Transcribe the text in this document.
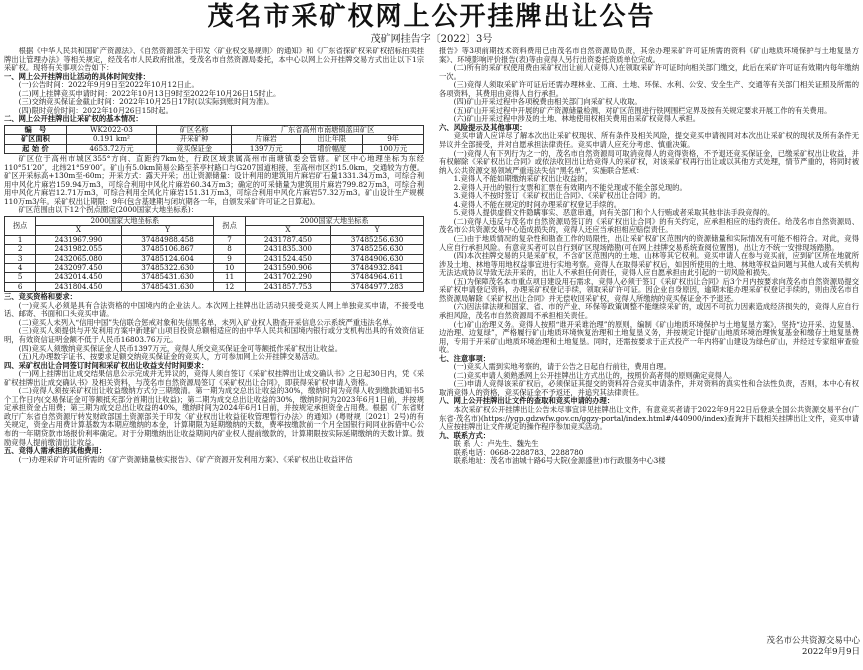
茂名市采矿权网上公开挂牌出让公告
茂矿网挂告字〔2022〕3号

根据《中华人民共和国矿产资源法》、《自然资源部关于印发〈矿业权交易规则〉的通知》和《广东省探矿权采矿权招标拍卖挂牌出让管理办法》等相关规定，经茂名市人民政府批准，受茂名市自然资源局委托，本中心以网上公开挂牌交易方式出让以下1宗采矿权。现将有关事项公告如下：

一、网上公开挂牌出让活动的具体时间安排：

(一)公告时间：2022年9月9日至2022年10月12日止。

(二)网上挂牌竞买申请时间：2022年10月13日9时至2022年10月26日15时止。

(三)交纳竞买保证金截止时间：2022年10月25日17时(以实际到账时间为准)。

(四)限时竞价时间：2022年10月26日15时起。

二、网上公开挂牌出让采矿权的基本情况：

编　号	WK2022-03	矿区名称	广东省高州市南塘镇蓝田矿区		
矿区面积	0.191 km²	开采矿种	片麻岩	出让年限	9年
起 始 价	4653.72万元	竞买保证金	1397万元	增价幅度	100万元

矿区位于高州市城区355°方向、直距约7km处，行政区域隶属高州市南塘镇委会管辖。矿区中心地理坐标为东经110°51′20″，北纬21°59′00″。矿山有5.0km简易公路至茶亭村路口与G207国道相接，至高州市区约15.0km，交通较为方便。矿区开采标高+130m至-60m；开采方式：露天开采；出让资源储量：设计利用的建筑用片麻岩矿石量1331.34万m3，可综合利用中风化片麻岩159.94万m3，可综合利用中风化片麻岩60.34万m3；确定的可采储量为建筑用片麻岩799.82万m3，可综合利用中风化片麻岩12.71万m3，可综合利用全风化片麻岩151.31万m3，可综合利用中风化片麻岩57.32万m3。矿山设计生产规模110万m3/年。采矿权出让期限：9年(包含基建期与闭坑期各一年，自颁发采矿许可证之日算起)。

矿区范围由以下12个拐点圈定(2000国家大地坐标系)：

拐点	2000国家大地坐标系		拐点	2000国家大地坐标系	
	X	Y		X	Y
1	2431967.990	37484988.458	7	2431787.450	37485256.630
2	2431982.055	37485106.867	8	2431835.300	37485256.630
3	2432065.080	37485124.604	9	2431524.450	37484906.630
4	2432097.450	37485322.630	10	2431590.906	37484932.841
5	2432014.450	37485431.630	11	2431702.290	37484964.611
6	2431804.450	37485431.630	12	2431857.753	37484977.283

三、竞买资格和要求：

(一)竞买人必须是具有合法资格的中国境内的企业法人。本次网上挂牌出让活动只接受竞买人网上单独竞买申请，不接受电话、邮寄、书面和口头竞买申请。

(二)竞买人未列入“信用中国”失信联合惩戒对象和失信黑名单，未列入矿业权人勘查开采信息公示系统严重违法名单。

(三)竞买人须提供与开发利用方案中新建矿山项目投资总额相适应的由中华人民共和国境内银行或分支机构出具的有效资信证明，有效资信证明金额不低于人民币16803.76万元。

(四)竞买人须缴纳竞买保证金人民币1397万元，竞得人所交竞买保证金可等额抵作采矿权出让收益。

(五)凡办理数字证书、按要求足额交纳竞买保证金的竞买人，方可参加网上公开挂牌交易活动。

四、采矿权出让合同签订时间和采矿权出让收益支付时间要求：

(一)网上挂牌出让成交结果信息公示完成并无异议的，竞得人须自签订《采矿权挂牌出让成交确认书》之日起30日内，凭《采矿权挂牌出让成交确认书》及相关资料，与茂名市自然资源局签订《采矿权出让合同》，即获得采矿权申请人资格。

(二)竞得人须按采矿权出让收益缴纳方式分三期缴清。第一期为成交总出让收益的30%，缴纳时间为竞得人收到缴款通知书5个工作日内(交易保证金可等额抵充部分首期出让收益)；第二期为成交总出让收益的30%，缴纳时间为2023年6月1日前，并按规定承担资金占用费；第三期为成交总出让收益的40%，缴纳时间为2024年6月1日前，并按规定承担资金占用费。根据《广东省财政厅广东省自然资源厅转发财政部国土资源部关于印发〈矿业权出让收益征收管理暂行办法〉的通知》(粤财规〔2021〕2号)的有关规定，资金占用费计算基数为本期应缴纳的本金，计算期限为延期缴纳的天数，费率按缴款前一个月全国银行间同业拆借中心公布的一年期贷款市场报价利率确定。对于分期缴纳出让收益期间内矿业权人提前缴款的，计算期限按实际延期缴纳的天数计算。鼓励竞得人提前缴清出让收益。

五、竞得人需承担的其他费用：

(一)办理采矿许可证所需的《矿产资源储量核实报告》、《矿产资源开发利用方案》、《采矿权出让收益评估

报告》等3项前期技术资料费用已由茂名市自然资源局负责，其余办理采矿许可证所需的资料《矿山地质环境保护与土地复垦方案》、环境影响评价报告(表)等由竞得人另行出资委托资质单位完成。

(二)所有的采矿权使用费由采矿权出让前人(竞得人)在领取采矿许可证时向相关部门缴交，此后在采矿许可证有效期内每年缴纳一次。

(三)竞得人须取采矿许可证后还需办理林业、工商、土地、环保、水利、公安、安全生产、交通等有关部门相关证照及所需的各项资料，其费用由竞得人自行承担。

(四)矿山开采过程中各项税费由相关部门向采矿权人收取。

(五)矿山开采过程中开展的矿产资源储量检测、对矿区范围进行铁网围栏定界及按有关规定要求开展工作的有关费用。

(六)矿山开采过程中涉及的土地、林地使用权相关费用由采矿权竞得人承担。

六、风险提示及其他事项：

竞买申请人应详尽了解本次出让采矿权现状、所有条件及相关风险，提交竞买申请视同对本次出让采矿权的现状及所有条件无异议并全部接受，并对自愿承担法律责任。竞买申请人应充分考虑、慎重决策。

(一)竞得人有下列行为之一的，茂名市自然资源局可取消竞得人的竞得资格，不予退还竞买保证金，已缴采矿权出让收益，并有权解除《采矿权出让合同》或依法收回出让给竞得人的采矿权，对该采矿权再行出让或以其他方式处理，情节严重的，将同时被纳入公共资源交易领域严重违法失信“黑名单”，实施联合惩戒：

1.竞得人不能如期缴纳采矿权出让收益的。

2.竞得人开出的银行支票和汇票在有效期内不能兑现或不能全部兑现的。

3.竞得人不按时签订《采矿权出让合同》、《采矿权出让合同》的。

4.竞得人不能在规定的时间办理采矿权登记手续的。

5.竞得人提供虚假文件隐瞒事实、恶意串通，向有关部门和个人行贿或者采取其他非法手段竞得的。

(二)竞得人违反与茂名市自然资源局签订的《采矿权出让合同》的有关约定，应承担相应的违约责任。给茂名市自然资源局、茂名市公共资源交易中心造成损失的，竞得人还应当承担相应赔偿责任。

(三)由于地质情况的复杂性和勘查工作的局限性，出让采矿权矿区范围内的资源储量和实际情况有可能不相符合。对此，竞得人应自行承担风险。有意竞买者可以自行到矿区现场踏勘(可在网上挂牌交易系统查阅位置图)，出让方不统一安排现场踏勘。

(四)本次挂牌交易的只是采矿权，不含矿区范围内的土地、山林等其它权利。竞买申请人在参与竞买前，应到矿区所在地就所涉及土地、林地等用地权益事宜进行实地考察。竞得人在取得采矿权后，如因所使用的土地、林地等权益问题与其他人或有关机构无法达成协议导致无法开采的，出让人不承担任何责任，竞得人应自愿承担由此引起的一切风险和损失。

(五)为保障茂名本市重点项目建设用石需求，竞得人必须于签订《采矿权出让合同》后3个月内按要求向茂名市自然资源局提交采矿权申请登记资料，办理采矿权登记手续，领取采矿许可证。因企业自身原因，逾期未能办理采矿权登记手续的，则由茂名市自然资源局解除《采矿权出让合同》并无偿收回采矿权，竞得人所缴纳的竞买保证金不予退还。

(六)因法律法规和国家、省、市的产业、环保等政策调整不能继续采矿的，或因不可抗力因素造成经济损失的，竞得人应自行承担风险，茂名市自然资源局不承担相关责任。

(七)矿山治理义务。竞得人按照“谁开采谁治理”的原则，编制《矿山地质环境保护与土地复垦方案》，坚持“边开采、边复垦、边治理、边复绿”，严格履行矿山地质环境恢复治理和土地复垦义务，并按规定计提矿山地质环境治理恢复基金和缴存土地复垦费用，专用于开采矿山地质环境治理和土地复垦。同时，还需按要求于正式投产一年内将矿山建设为绿色矿山，并经过专家组审查验收。

七、注意事项：

(一)竞买人需到实地考察的，请于公告之日起自行前往，费用自理。

(二)竞买申请人须熟悉网上公开挂牌出让方式出让的，按照价高者得的原则确定竞得人。

(三)申请人竞得该采矿权后，必须保证其提交的资料符合竞买申请条件，并对资料的真实性和合法性负责，否则，本中心有权取消竞得人的资格，竞买保证金不予返还，并追究其法律责任。

八、网上公开挂牌出让文件的查取和竞买申请的办理：

本次采矿权公开挂牌出让公告未尽事宜详见挂牌出让文件，有意竞买者请于2022年9月22日后登录全国公共资源交易平台(广东省·茂名市)(https://ygp.gdzwfw.gov.cn/ggzy-portal/index.html#/440900/index)查询并下载相关挂牌出让文件，竞买申请人应按挂牌出让文件规定的操作程序参加竞买活动。

九、联系方式：

联 系 人：卢先生、魏先生

联系电话：0668-2288783、2288780

联系地址：茂名市油城十路6号大院(金源盛世)市行政服务中心3楼

茂名市公共资源交易中心
2022年9月9日
